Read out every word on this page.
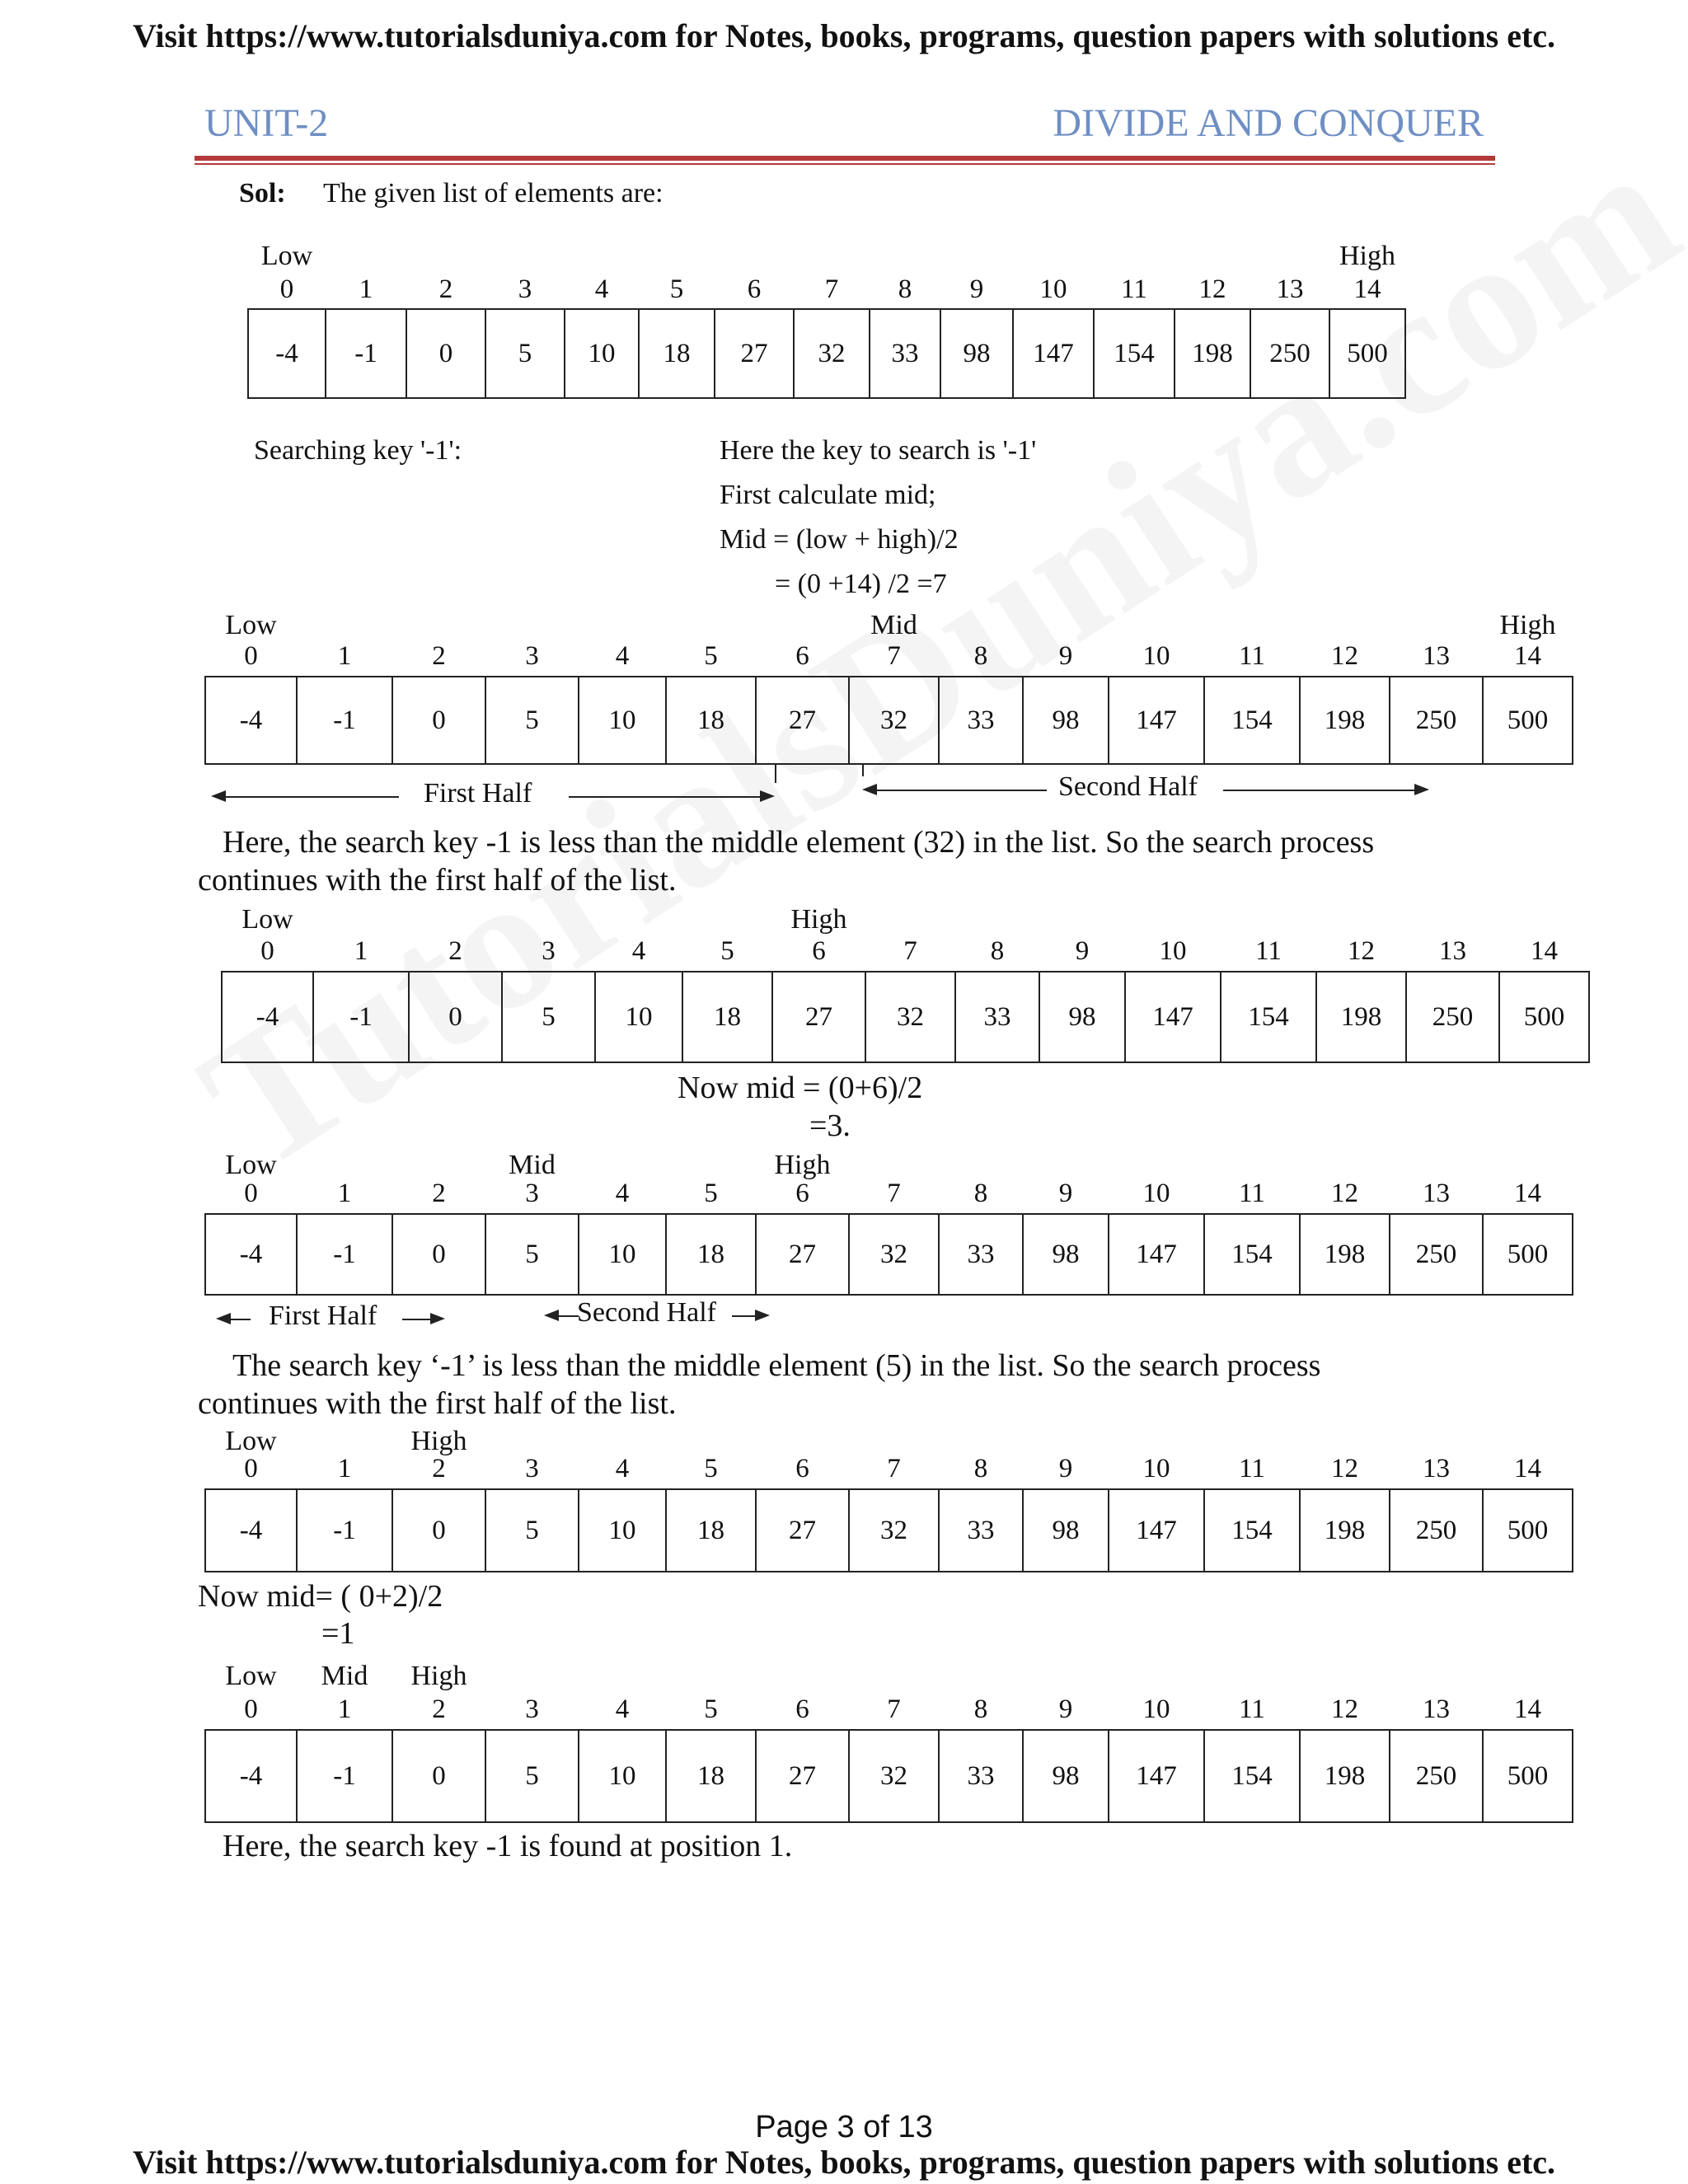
Visit https://www.tutorialsduniya.com for Notes, books, programs, question papers with solutions etc.
UNIT-2	DIVIDE AND CONQUER
Sol: The given list of elements are:
-4	-1	0	5	10	18	27	32	33	98	147	154	198	250	500
0 1 2 3 4 5 6 7 8 9 10 11 12 13 14
Low	High
-4	-1	0	5	10	18	27	32	33	98	147	154	198	250	500
0	1	2	3	4	5	6	7	8	9	10	11 12 13 14
Low	Mid	High
First Half	Second Half
-4	-1	0	5	10	18	27	32	33	98	147	154	198	250	500
0	1	2	3	4	5	6	7	8	9	10	11 12 13 14
Low	High
-4	-1	0	5	10	18	27	32	33	98	147	154	198	250	500
0	1	2	3	4	5	6	7	8	9	10	11 12 13 14
Low	Mid	High
First Half	Second Half
-4	-1	0	5	10	18	27	32	33	98	147	154	198	250	500
0	1	2	3	4	5	6	7	8	9	10	11 12 13 14
Low	High
-4	-1	0	5	10	18	27	32	33	98	147	154	198	250	500
0	1	2	3	4	5	6	7	8	9	10	11 12 13 14
Low Mid High
Searching key '-1':	Here the key to search is '-1'
First calculate mid;
Mid = (low + high)/2
= (0 +14) /2 =7
Here, the search key -1 is less than the middle element (32) in the list. So the search process
continues with the first half of the list.
Now mid = (0+6)/2
=3.
The search key ‘-1’ is less than the middle element (5) in the list. So the search process
continues with the first half of the list.
Now mid= ( 0+2)/2
=1
Here, the search key -1 is found at position 1.
Page 3 of 13
Visit https://www.tutorialsduniya.com for Notes, books, programs, question papers with solutions etc.
